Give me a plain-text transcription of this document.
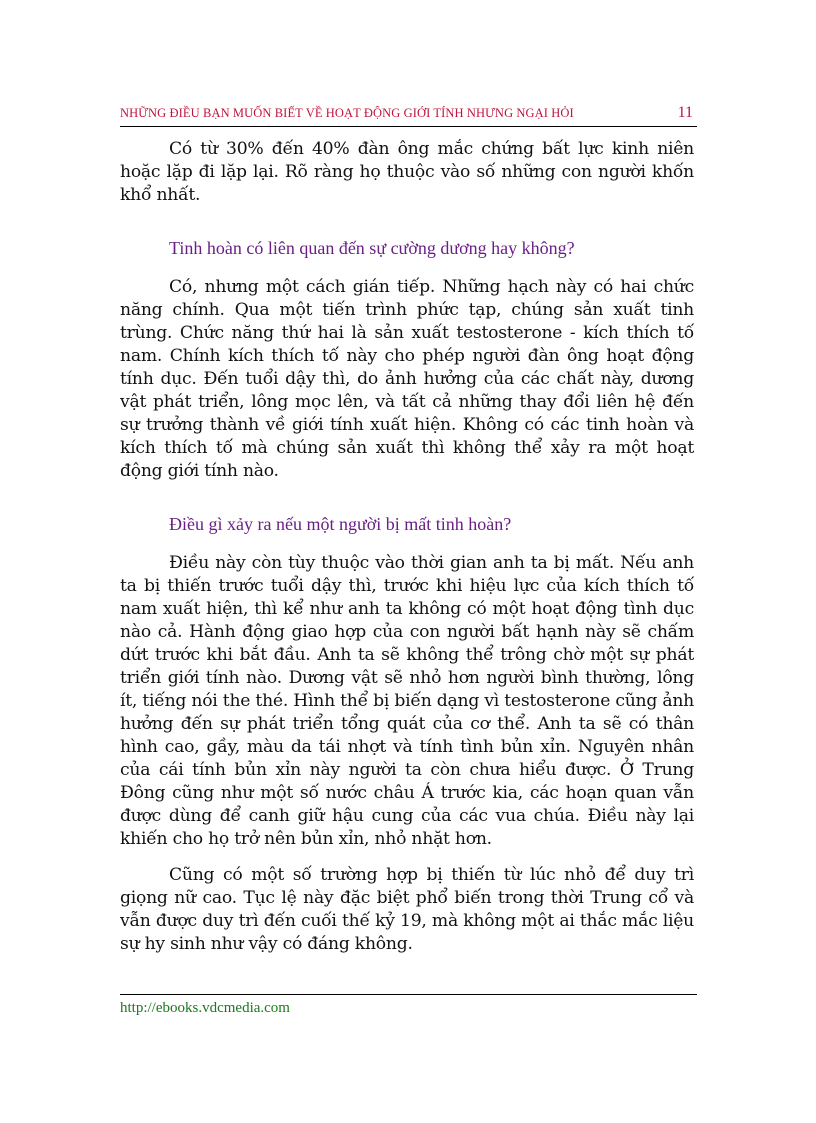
NHỮNG ĐIỀU BẠN MUỐN BIẾT VỀ HOẠT ĐỘNG GIỚI TÍNH NHƯNG NGẠI HỎI	11

Có từ 30% đến 40% đàn ông mắc chứng bất lực kinh niên hoặc lặp đi lặp lại. Rõ ràng họ thuộc vào số những con người khốn khổ nhất.

Tinh hoàn có liên quan đến sự cường dương hay không?

Có, nhưng một cách gián tiếp. Những hạch này có hai chức năng chính. Qua một tiến trình phức tạp, chúng sản xuất tinh trùng. Chức năng thứ hai là sản xuất testosterone - kích thích tố nam. Chính kích thích tố này cho phép người đàn ông hoạt động tính dục. Đến tuổi dậy thì, do ảnh hưởng của các chất này, dương vật phát triển, lông mọc lên, và tất cả những thay đổi liên hệ đến sự trưởng thành về giới tính xuất hiện. Không có các tinh hoàn và kích thích tố mà chúng sản xuất thì không thể xảy ra một hoạt động giới tính nào.

Điều gì xảy ra nếu một người bị mất tinh hoàn?

Điều này còn tùy thuộc vào thời gian anh ta bị mất. Nếu anh ta bị thiến trước tuổi dậy thì, trước khi hiệu lực của kích thích tố nam xuất hiện, thì kể như anh ta không có một hoạt động tình dục nào cả. Hành động giao hợp của con người bất hạnh này sẽ chấm dứt trước khi bắt đầu. Anh ta sẽ không thể trông chờ một sự phát triển giới tính nào. Dương vật sẽ nhỏ hơn người bình thường, lông ít, tiếng nói the thé. Hình thể bị biến dạng vì testosterone cũng ảnh hưởng đến sự phát triển tổng quát của cơ thể. Anh ta sẽ có thân hình cao, gầy, màu da tái nhợt và tính tình bủn xỉn. Nguyên nhân của cái tính bủn xỉn này người ta còn chưa hiểu được. Ở Trung Đông cũng như một số nước châu Á trước kia, các hoạn quan vẫn được dùng để canh giữ hậu cung của các vua chúa. Điều này lại khiến cho họ trở nên bủn xỉn, nhỏ nhặt hơn.

Cũng có một số trường hợp bị thiến từ lúc nhỏ để duy trì giọng nữ cao. Tục lệ này đặc biệt phổ biến trong thời Trung cổ và vẫn được duy trì đến cuối thế kỷ 19, mà không một ai thắc mắc liệu sự hy sinh như vậy có đáng không.

http://ebooks.vdcmedia.com
